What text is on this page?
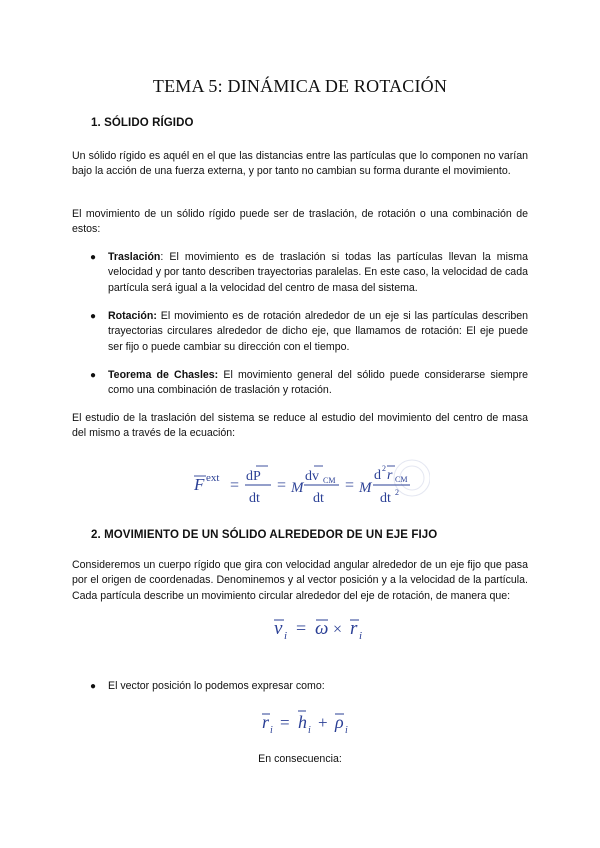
TEMA 5: DINÁMICA DE ROTACIÓN
1. SÓLIDO RÍGIDO
Un sólido rígido es aquél en el que las distancias entre las partículas que lo componen no varían bajo la acción de una fuerza externa, y por tanto no cambian su forma durante el movimiento.
El movimiento de un sólido rígido puede ser de traslación, de rotación o una combinación de estos:
● Traslación: El movimiento es de traslación si todas las partículas llevan la misma velocidad y por tanto describen trayectorias paralelas. En este caso, la velocidad de cada partícula será igual a la velocidad del centro de masa del sistema.
● Rotación: El movimiento es de rotación alrededor de un eje si las partículas describen trayectorias circulares alrededor de dicho eje, que llamamos de rotación: El eje puede ser fijo o puede cambiar su dirección con el tiempo.
● Teorema de Chasles: El movimiento general del sólido puede considerarse siempre como una combinación de traslación y rotación.
El estudio de la traslación del sistema se reduce al estudio del movimiento del centro de masa del mismo a través de la ecuación:
F ext =
dP
dt
= M
dv CM
dt
= M
d 2 r CM
dt 2
2. MOVIMIENTO DE UN SÓLIDO ALREDEDOR DE UN EJE FIJO
Consideremos un cuerpo rígido que gira con velocidad angular alrededor de un eje fijo que pasa por el origen de coordenadas. Denominemos y al vector posición y a la velocidad de la partícula. Cada partícula describe un movimiento circular alrededor del eje de rotación, de manera que:
v i = ω × r i
● El vector posición lo podemos expresar como:
r i = h i + ρ i
En consecuencia:
